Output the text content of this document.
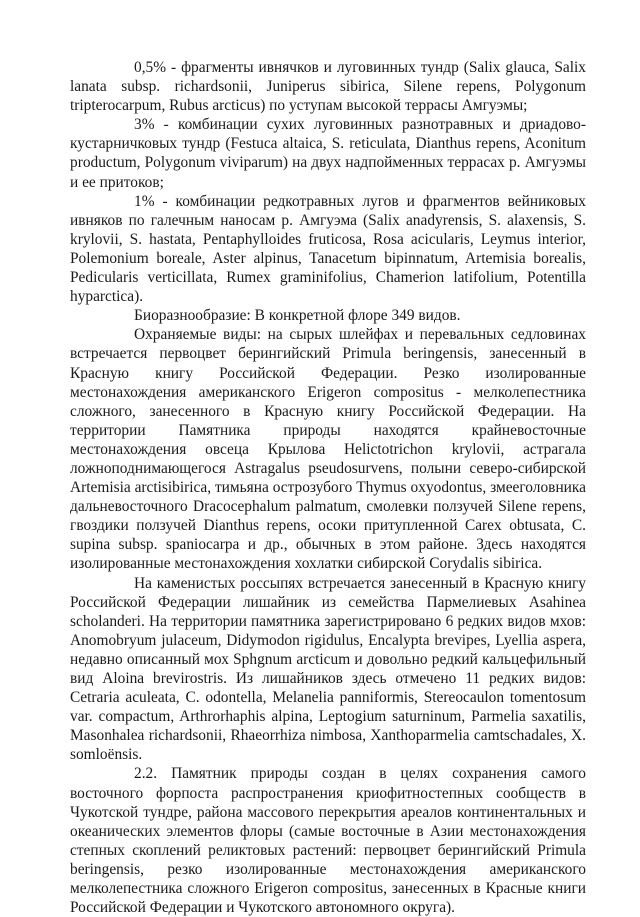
0,5% - фрагменты ивнячков и луговинных тундр (Salix glauca, Salix lanata subsp. richardsonii, Juniperus sibirica, Silene repens, Polygonum tripterocarpum, Rubus arcticus) по уступам высокой террасы Амгуэмы;

3% - комбинации сухих луговинных разнотравных и дриадово-кустарничковых тундр (Festuca altaica, S. reticulata, Dianthus repens, Aconitum productum, Polygonum viviparum) на двух надпойменных террасах р. Амгуэмы и ее притоков;

1% - комбинации редкотравных лугов и фрагментов вейниковых ивняков по галечным наносам р. Амгуэма (Salix anadyrensis, S. alaxensis, S. krylovii, S. hastata, Pentaphylloides fruticosa, Rosa acicularis, Leymus interior, Polemonium boreale, Aster alpinus, Tanacetum bipinnatum, Artemisia borealis, Pedicularis verticillata, Rumex graminifolius, Chamerion latifolium, Potentilla hyparctica).

Биоразнообразие: В конкретной флоре 349 видов.

Охраняемые виды: на сырых шлейфах и перевальных седловинах встречается первоцвет берингийский Primula beringensis, занесенный в Красную книгу Российской Федерации. Резко изолированные местонахождения американского Erigeron compositus - мелколепестника сложного, занесенного в Красную книгу Российской Федерации. На территории Памятника природы находятся крайневосточные местонахождения овсеца Крылова Helictotrichon krylovii, астрагала ложноподнимающегося Astragalus pseudosurvens, полыни северо-сибирской Artemisia arctisibirica, тимьяна острозубого Thymus oxyodontus, змееголовника дальневосточного Dracocephalum palmatum, смолевки ползучей Silene repens, гвоздики ползучей Dianthus repens, осоки притупленной Carex obtusata, C. supina subsp. spaniocarpa и др., обычных в этом районе. Здесь находятся изолированные местонахождения хохлатки сибирской Corydalis sibirica.

На каменистых россыпях встречается занесенный в Красную книгу Российской Федерации лишайник из семейства Пармелиевых Asahinea scholanderi. На территории памятника зарегистрировано 6 редких видов мхов: Anomobryum julaceum, Didymodon rigidulus, Encalypta brevipes, Lyellia aspera, недавно описанный мох Sphgnum arcticum и довольно редкий кальцефильный вид Aloina brevirostris. Из лишайников здесь отмечено 11 редких видов: Cetraria aculeata, C. odontella, Melanelia panniformis, Stereocaulon tomentosum var. compactum, Arthrorhaphis alpina, Leptogium saturninum, Parmelia saxatilis, Masonhalea richardsonii, Rhaeorrhiza nimbosa, Xanthoparmelia camtschadales, X. somloënsis.

2.2. Памятник природы создан в целях сохранения самого восточного форпоста распространения криофитностепных сообществ в Чукотской тундре, района массового перекрытия ареалов континентальных и океанических элементов флоры (самые восточные в Азии местонахождения степных скоплений реликтовых растений: первоцвет берингийский Primula beringensis, резко изолированные местонахождения американского мелколепестника сложного Erigeron compositus, занесенных в Красные книги Российской Федерации и Чукотского автономного округа).
